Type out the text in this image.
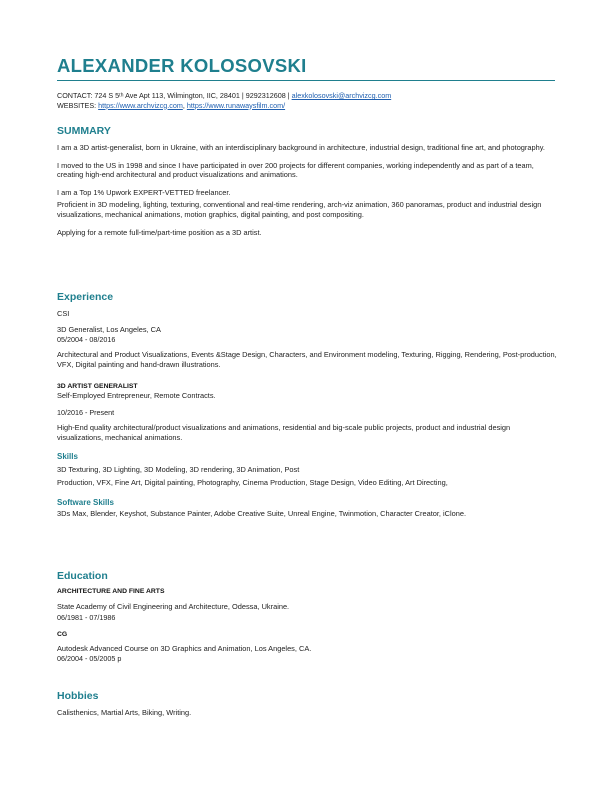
ALEXANDER KOLOSOVSKI
CONTACT: 724 S 5ᵗʰ Ave Apt 113, Wilmington, IIC, 28401 | 9292312608 | alexkolosovski@archvizcg.com
WEBSITES: https://www.archvizcg.com, https://www.runawaysfilm.com/
SUMMARY

I am a 3D artist-generalist, born in Ukraine, with an interdisciplinary background in architecture, industrial design, traditional fine art, and photography.

I moved to the US in 1998 and since I have participated in over 200 projects for different companies, working independently and as part of a team, creating high-end architectural and product visualizations and animations.

I am a Top 1% Upwork EXPERT-VETTED freelancer.

Proficient in 3D modeling, lighting, texturing, conventional and real-time rendering, arch-viz animation, 360 panoramas, product and industrial design visualizations, mechanical animations, motion graphics, digital painting, and post compositing.

Applying for a remote full-time/part-time position as a 3D artist.

Experience

CSI

3D Generalist, Los Angeles, CA

05/2004 - 08/2016

Architectural and Product Visualizations, Events &Stage Design, Characters, and Environment modeling, Texturing, Rigging, Rendering, Post-production, VFX, Digital painting and hand-drawn illustrations.

3D ARTIST GENERALIST

Self-Employed Entrepreneur, Remote Contracts.

10/2016 - Present

High-End quality architectural/product visualizations and animations, residential and big-scale public projects, product and industrial design visualizations, mechanical animations.

Skills

3D Texturing, 3D Lighting, 3D Modeling, 3D rendering, 3D Animation, Post

Production, VFX, Fine Art, Digital painting, Photography, Cinema Production, Stage Design, Video Editing, Art Directing,

Software Skills

3Ds Max, Blender, Keyshot, Substance Painter, Adobe Creative Suite, Unreal Engine, Twinmotion, Character Creator, iClone.

Education

ARCHITECTURE AND FINE ARTS

State Academy of Civil Engineering and Architecture, Odessa, Ukraine.

06/1981 - 07/1986

CG

Autodesk Advanced Course on 3D Graphics and Animation, Los Angeles, CA.

06/2004 - 05/2005 p

Hobbies

Calisthenics, Martial Arts, Biking, Writing.
